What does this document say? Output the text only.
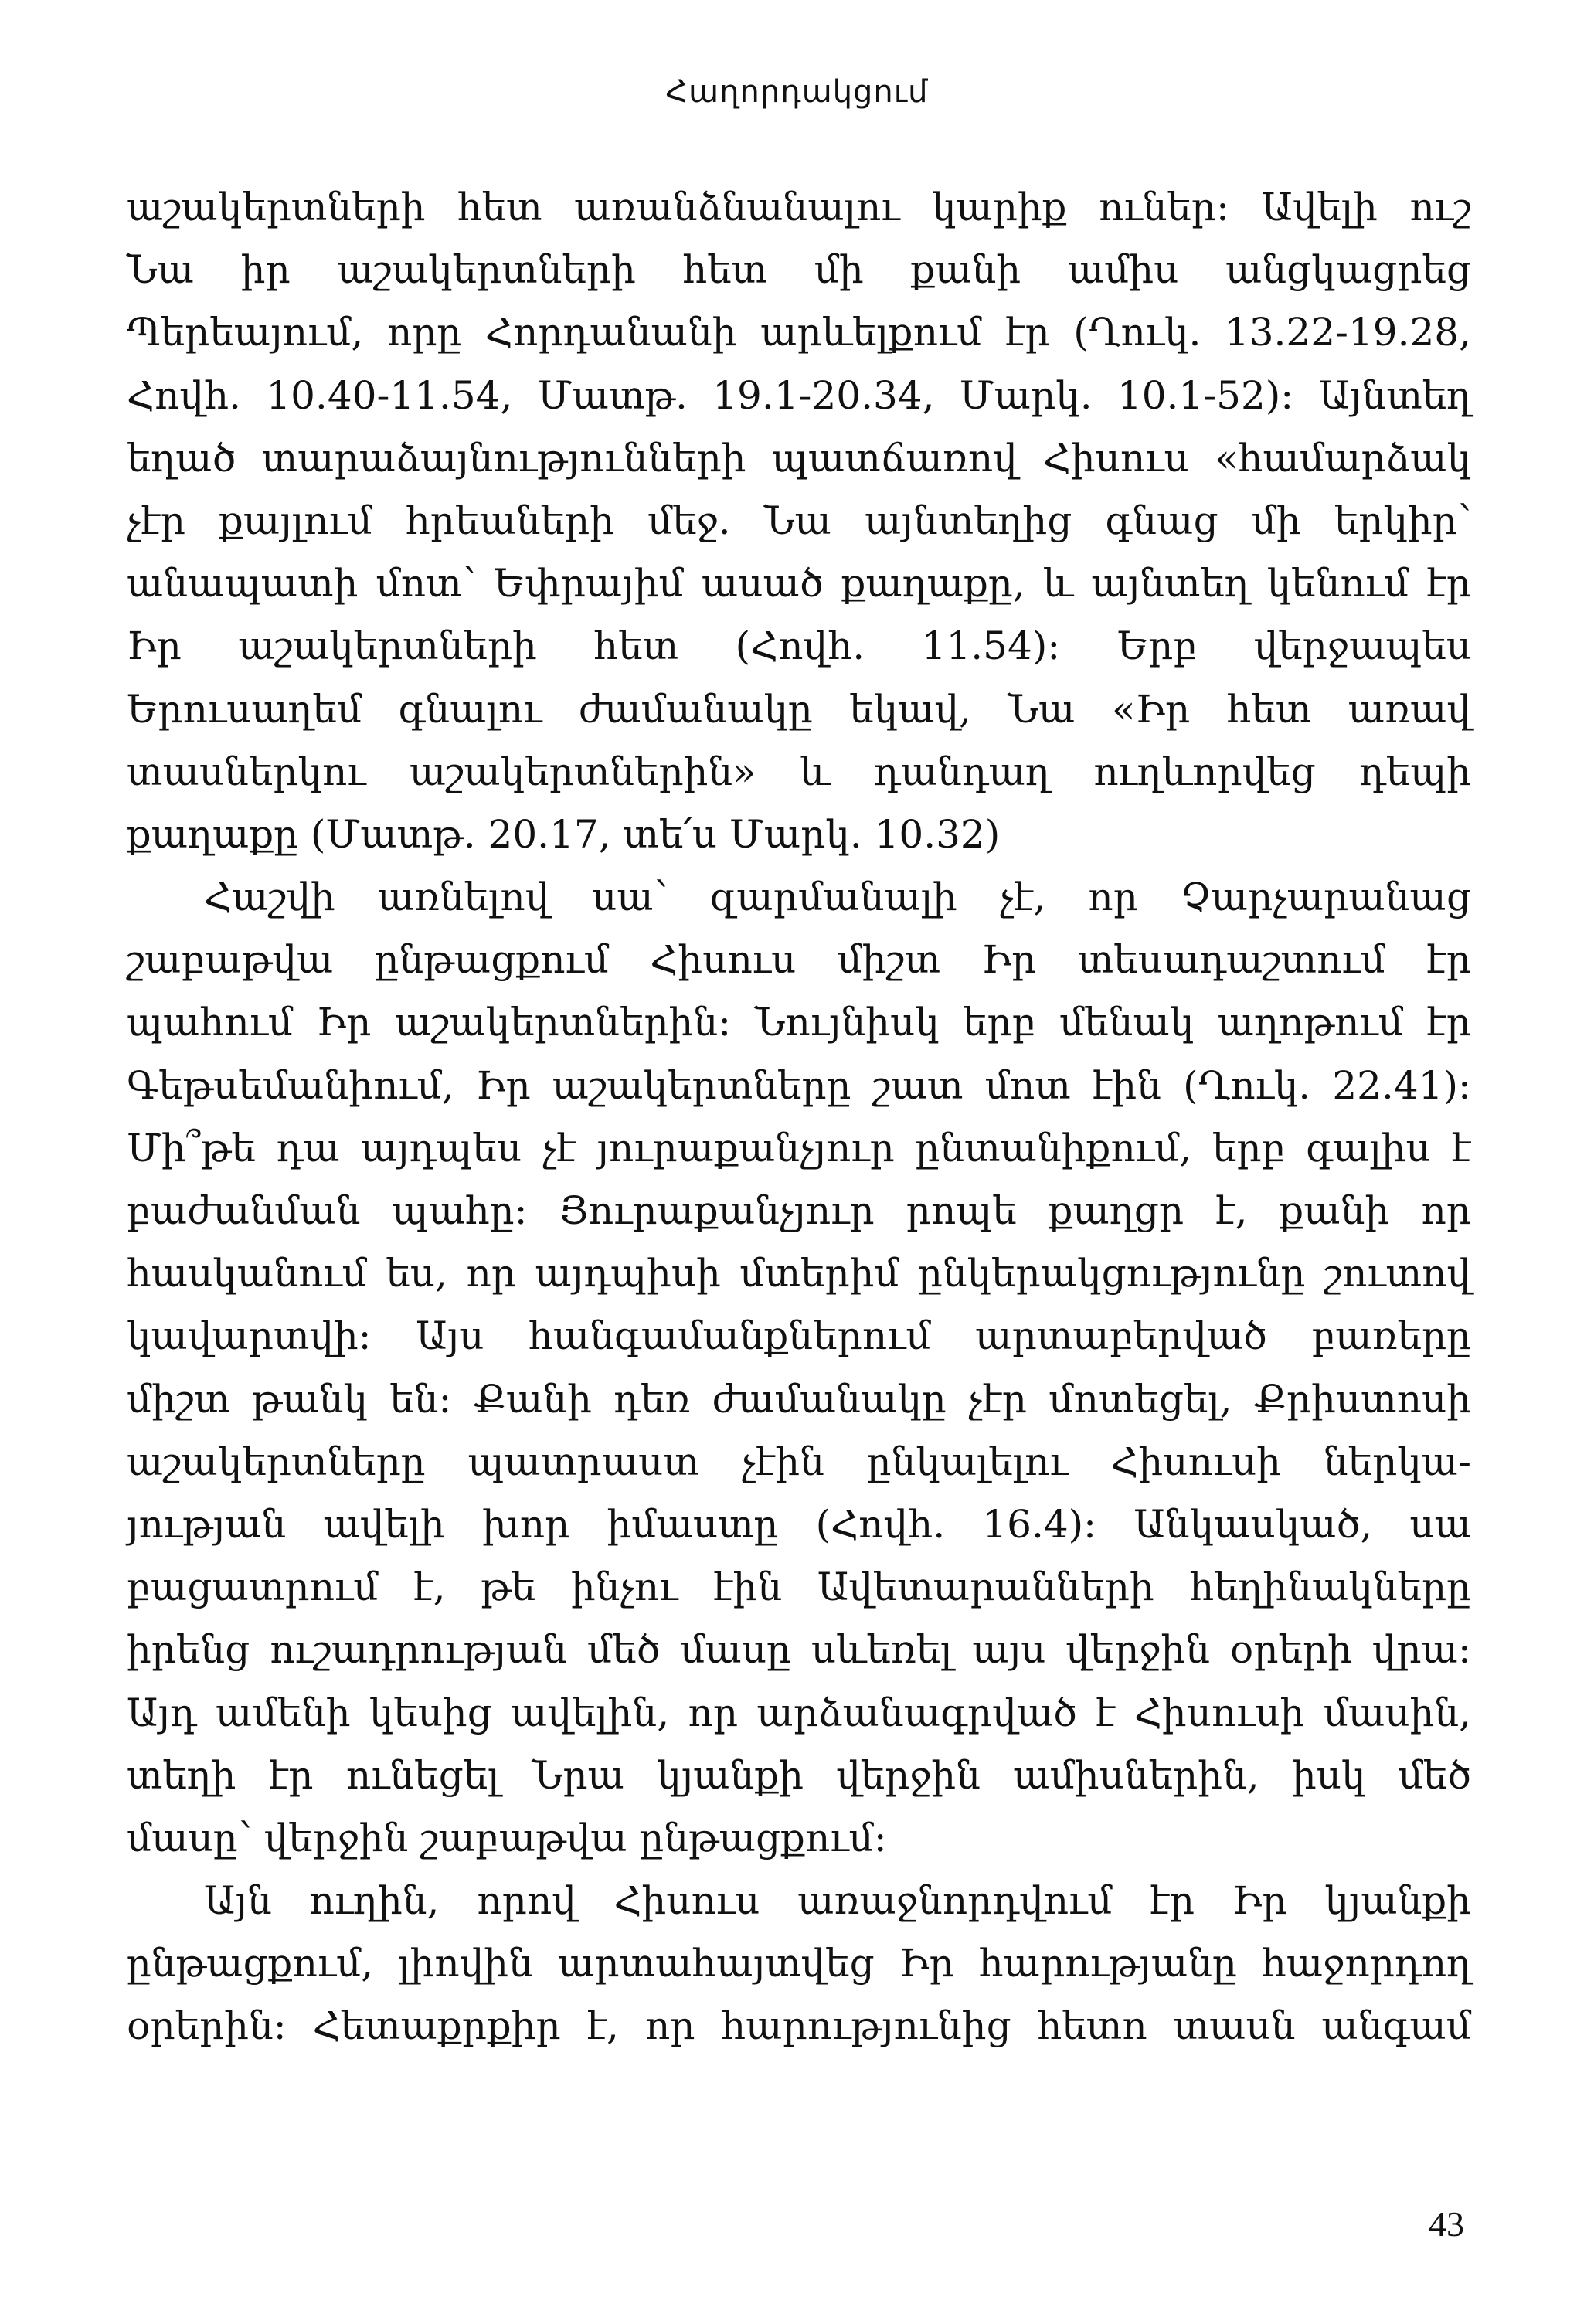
Հաղորդակցում
աշակերտների հետ առանձնանալու կարիք ուներ։ Ավելի ուշ
Նա իր աշակերտների հետ մի քանի ամիս անցկացրեց
Պերեայում, որը Հորդանանի արևելքում էր (Ղուկ. 13.22-19.28,
Հովh. 10.40-11.54, Մատթ. 19.1-20.34, Մարկ. 10.1-52)։ Այնտեղ
եղած տարաձայնությունների պատճառով Հիսուս «համարձակ
չէր քայլում հրեաների մեջ. Նա այնտեղից գնաց մի երկիր՝
անապատի մոտ՝ Եփրայիմ ասած քաղաքը, և այնտեղ կենում էր
Իր աշակերտների հետ (Հովh. 11.54)։ Երբ վերջապես
Երուսաղեմ գնալու ժամանակը եկավ, Նա «Իր հետ առավ
տասներկու աշակերտներին» և դանդաղ ուղևորվեց դեպի
քաղաքը (Մատթ. 20.17, տե՛ս Մարկ. 10.32)
Հաշվի առնելով սա՝ զարմանալի չէ, որ Չարչարանաց
շաբաթվա ընթացքում Հիսուս միշտ Իր տեսադաշտում էր
պահում Իր աշակերտներին։ Նույնիսկ երբ մենակ աղոթում էր
Գեթսեմանիում, Իր աշակերտները շատ մոտ էին (Ղուկ. 22.41)։
Մի՞թե դա այդպես չէ յուրաքանչյուր ընտանիքում, երբ գալիս է
բաժանման պահը։ Յուրաքանչյուր րոպե քաղցր է, քանի որ
հասկանում ես, որ այդպիսի մտերիմ ընկերակցությունը շուտով
կավարտվի։ Այս հանգամանքներում արտաբերված բառերը
միշտ թանկ են։ Քանի դեռ ժամանակը չէր մոտեցել, Քրիստոսի
աշակերտները պատրաստ չէին ընկալելու Հիսուսի ներկա-
յության ավելի խոր իմաստը (Հովh. 16.4)։ Անկասկած, սա
բացատրում է, թե ինչու էին Ավետարանների հեղինակները
իրենց ուշադրության մեծ մասը սևեռել այս վերջին օրերի վրա։
Այդ ամենի կեսից ավելին, որ արձանագրված է Հիսուսի մասին,
տեղի էր ունեցել Նրա կյանքի վերջին ամիսներին, իսկ մեծ
մասը՝ վերջին շաբաթվա ընթացքում։
Այն ուղին, որով Հիսուս առաջնորդվում էր Իր կյանքի
ընթացքում, լիովին արտահայտվեց Իր հարությանը հաջորդող
օրերին։ Հետաքրքիր է, որ հարությունից հետո տասն անգամ
43
